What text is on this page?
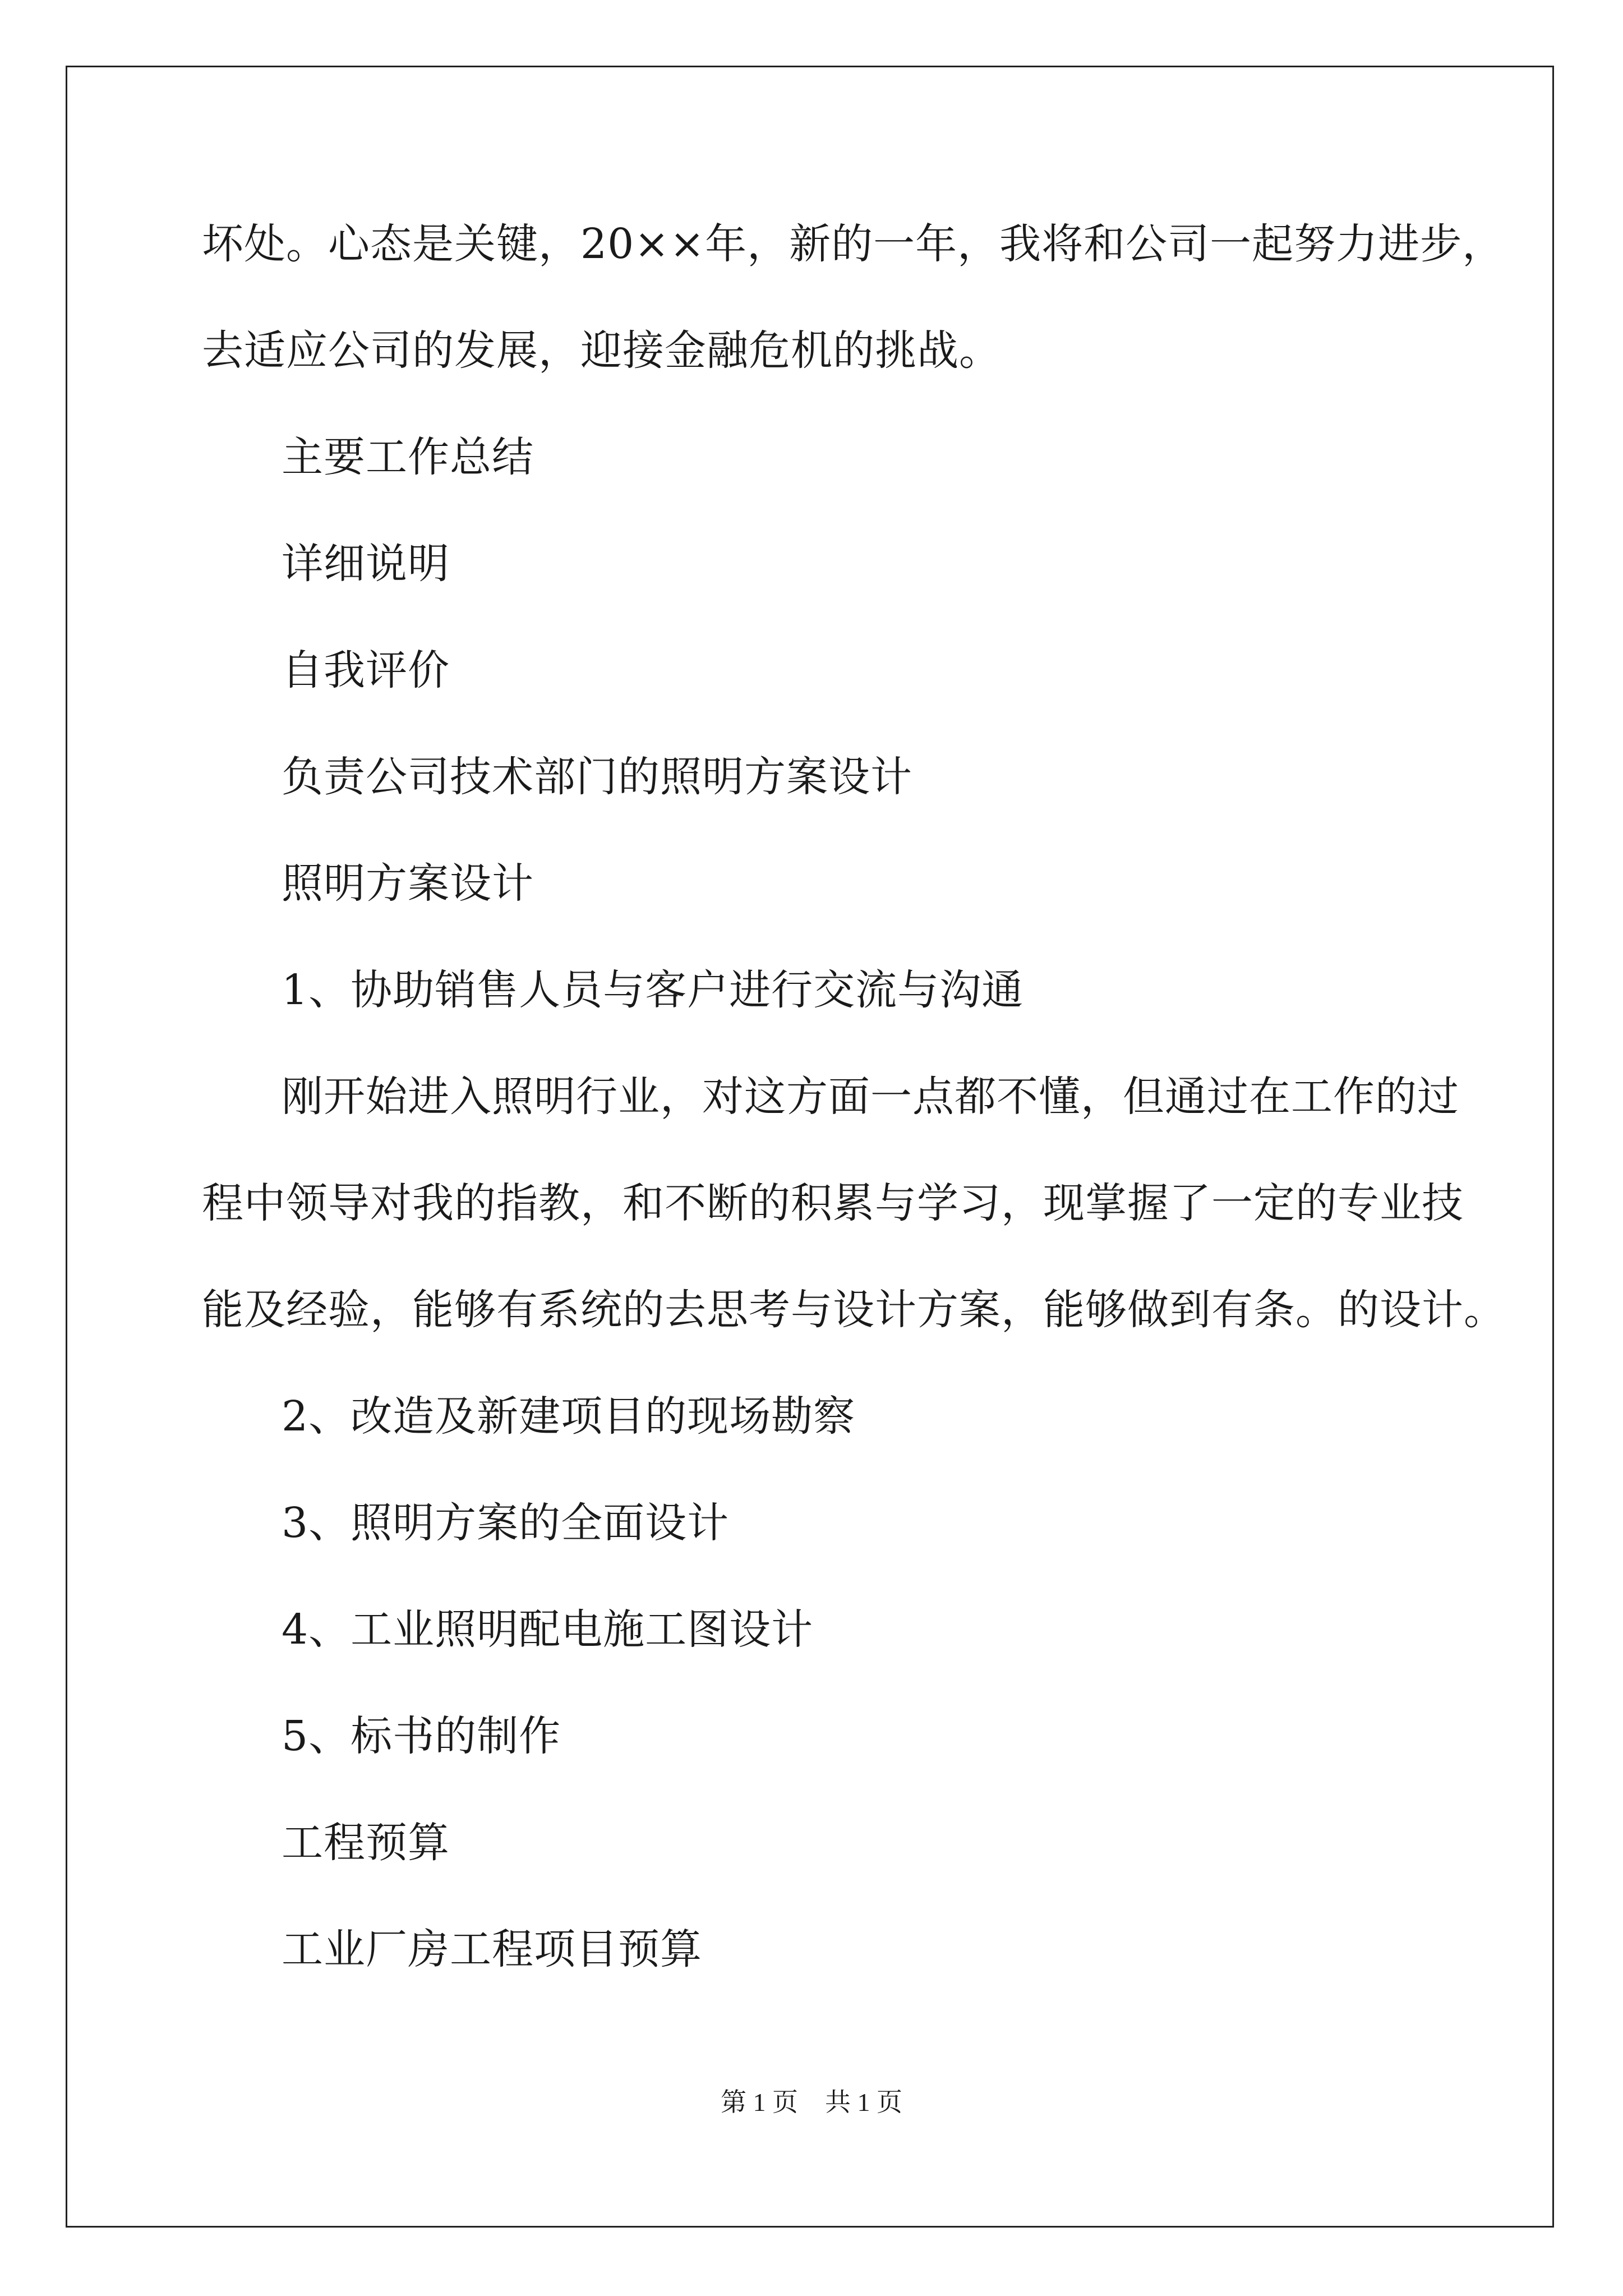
坏处。心态是关键，20××年，新的一年，我将和公司一起努力进步，
去适应公司的发展，迎接金融危机的挑战。
主要工作总结
详细说明
自我评价
负责公司技术部门的照明方案设计
照明方案设计
1、协助销售人员与客户进行交流与沟通
刚开始进入照明行业，对这方面一点都不懂，但通过在工作的过
程中领导对我的指教，和不断的积累与学习，现掌握了一定的专业技
能及经验，能够有系统的去思考与设计方案，能够做到有条。的设计。
2、改造及新建项目的现场勘察
3、照明方案的全面设计
4、工业照明配电施工图设计
5、标书的制作
工程预算
工业厂房工程项目预算
第 1 页 共 1 页
